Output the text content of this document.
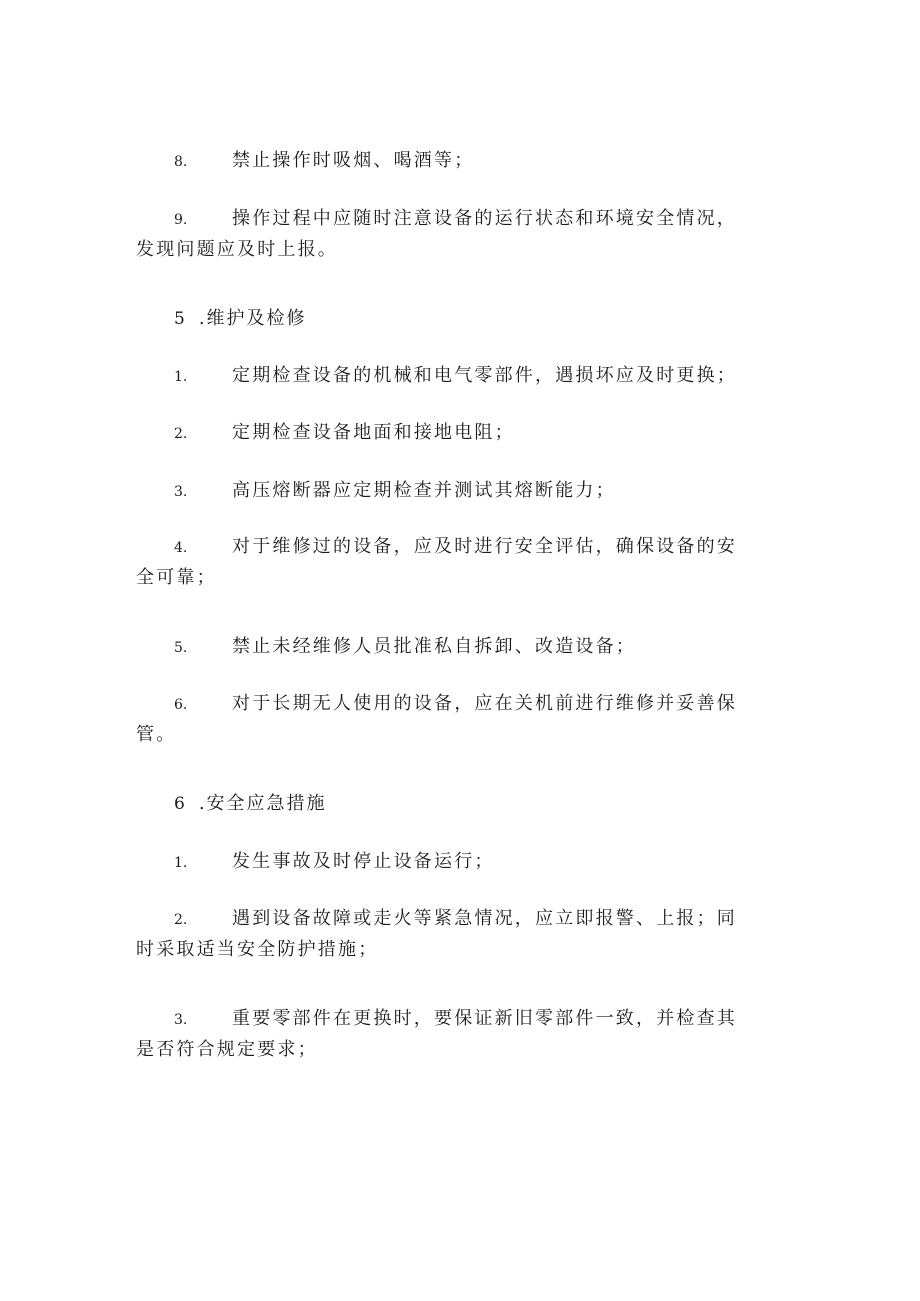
8. 禁止操作时吸烟、喝酒等；
9. 操作过程中应随时注意设备的运行状态和环境安全情况，发现问题应及时上报。
5 .维护及检修
1. 定期检查设备的机械和电气零部件，遇损坏应及时更换；
2. 定期检查设备地面和接地电阻；
3. 高压熔断器应定期检查并测试其熔断能力；
4. 对于维修过的设备，应及时进行安全评估，确保设备的安全可靠；
5. 禁止未经维修人员批准私自拆卸、改造设备；
6. 对于长期无人使用的设备，应在关机前进行维修并妥善保管。
6 .安全应急措施
1. 发生事故及时停止设备运行；
2. 遇到设备故障或走火等紧急情况，应立即报警、上报；同时采取适当安全防护措施；
3. 重要零部件在更换时，要保证新旧零部件一致，并检查其是否符合规定要求；
